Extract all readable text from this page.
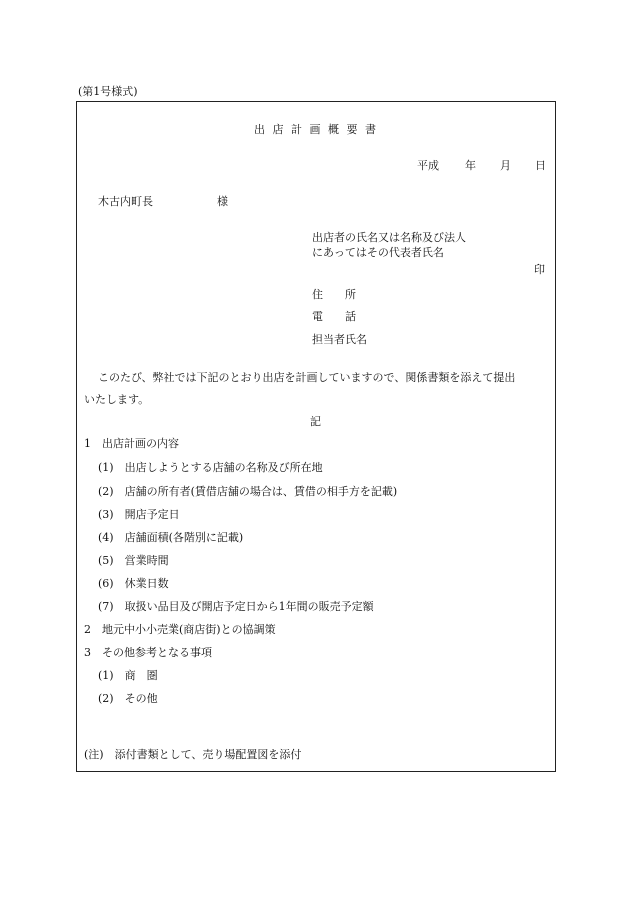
(第1号様式)
出 店 計 画 概 要 書
平成 年 月 日
木古内町長	様
出店者の氏名又は名称及び法人
にあってはその代表者氏名
印
住　　所
電　　話
担当者氏名
このたび、弊社では下記のとおり出店を計画していますので、関係書類を添えて提出
いたします。
記
1　出店計画の内容
(1)　出店しようとする店舗の名称及び所在地
(2)　店舗の所有者(賃借店舗の場合は、賃借の相手方を記載)
(3)　開店予定日
(4)　店舗面積(各階別に記載)
(5)　営業時間
(6)　休業日数
(7)　取扱い品目及び開店予定日から1年間の販売予定額
2　地元中小小売業(商店街)との協調策
3　その他参考となる事項
(1)　商　圏
(2)　その他
(注)　添付書類として、売り場配置図を添付
